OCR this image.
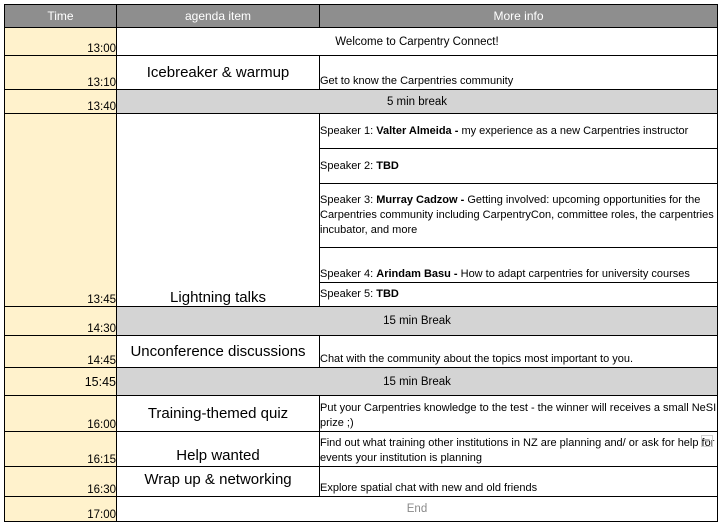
Time	agenda item	More info
13:00	Welcome to Carpentry Connect!	
13:10	Icebreaker & warmup	Get to know the Carpentries community
13:40	5 min break	
13:45	Lightning talks	Speaker 1: Valter Almeida - my experience as a new Carpentries instructor
		Speaker 2: TBD
		Speaker 3: Murray Cadzow - Getting involved: upcoming opportunities for the Carpentries community including CarpentryCon, committee roles, the carpentries incubator, and more
		Speaker 4: Arindam Basu - How to adapt carpentries for university courses
		Speaker 5: TBD
14:30	15 min Break	
14:45	Unconference discussions	Chat with the community about the topics most important to you.
15:45	15 min Break	
16:00	Training-themed quiz	Put your Carpentries knowledge to the test - the winner will receives a small NeSI prize ;)
16:15	Help wanted	Find out what training other institutions in NZ are planning and/ or ask for help for events your institution is planning

16:30	Wrap up & networking	Explore spatial chat with new and old friends
17:00	End	
